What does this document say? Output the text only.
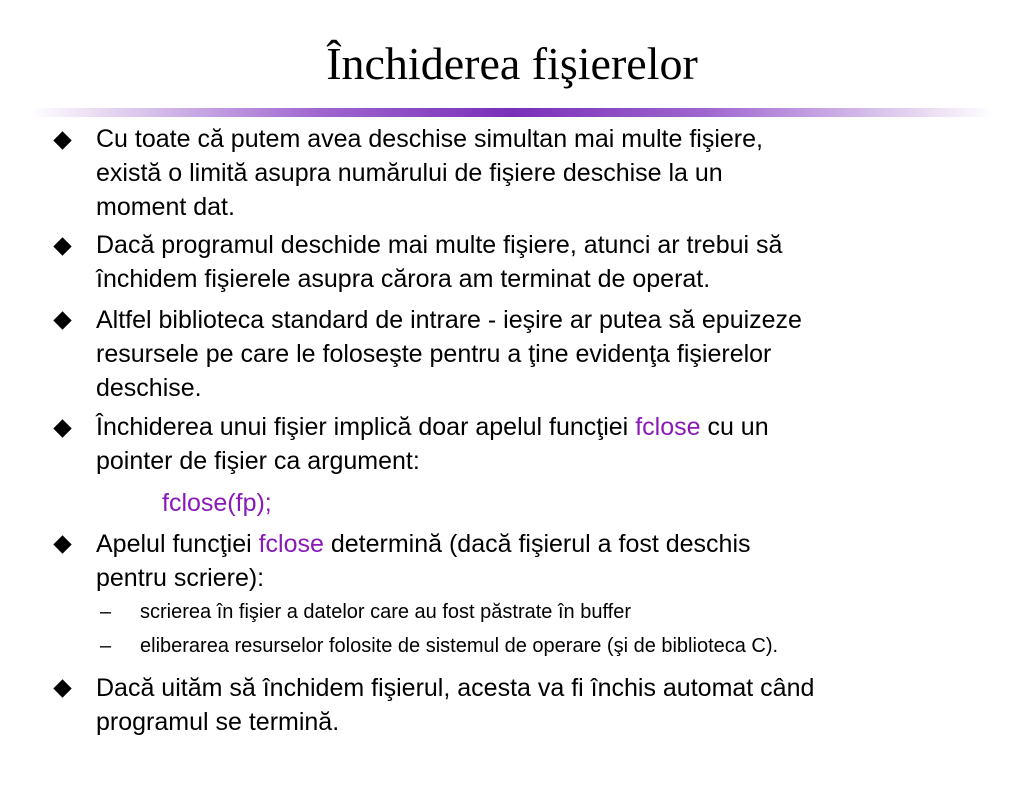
Închiderea fişierelor
Cu toate că putem avea deschise simultan mai multe fişiere,
există o limită asupra numărului de fişiere deschise la un
moment dat.
Dacă programul deschide mai multe fişiere, atunci ar trebui să
închidem fişierele asupra cărora am terminat de operat.
Altfel biblioteca standard de intrare - ieşire ar putea să epuizeze
resursele pe care le foloseşte pentru a ţine evidenţa fişierelor
deschise.
Închiderea unui fişier implică doar apelul funcţiei fclose cu un
pointer de fişier ca argument:
fclose(fp);
Apelul funcţiei fclose determină (dacă fişierul a fost deschis
pentru scriere):
– scrierea în fişier a datelor care au fost păstrate în buffer
– eliberarea resurselor folosite de sistemul de operare (şi de biblioteca C).
Dacă uităm să închidem fişierul, acesta va fi închis automat când
programul se termină.
